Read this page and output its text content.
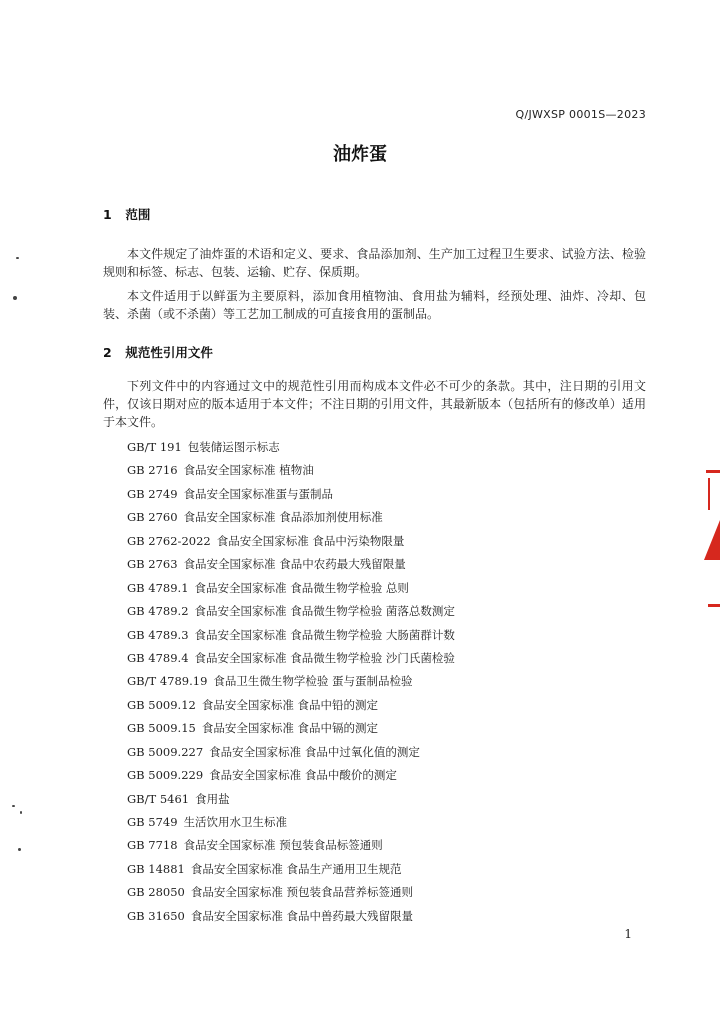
Q/JWXSP 0001S—2023
油炸蛋
1 范围

本文件规定了油炸蛋的术语和定义、要求、食品添加剂、生产加工过程卫生要求、试验方法、检验规则和标签、标志、包装、运输、贮存、保质期。

本文件适用于以鲜蛋为主要原料，添加食用植物油、食用盐为辅料，经预处理、油炸、冷却、包装、杀菌（或不杀菌）等工艺加工制成的可直接食用的蛋制品。

2 规范性引用文件

下列文件中的内容通过文中的规范性引用而构成本文件必不可少的条款。其中，注日期的引用文件，仅该日期对应的版本适用于本文件；不注日期的引用文件，其最新版本（包括所有的修改单）适用于本文件。

GB/T 191 包装储运图示标志
GB 2716 食品安全国家标准 植物油
GB 2749 食品安全国家标准蛋与蛋制品
GB 2760 食品安全国家标准 食品添加剂使用标准
GB 2762-2022 食品安全国家标准 食品中污染物限量
GB 2763 食品安全国家标准 食品中农药最大残留限量
GB 4789.1 食品安全国家标准 食品微生物学检验 总则
GB 4789.2 食品安全国家标准 食品微生物学检验 菌落总数测定
GB 4789.3 食品安全国家标准 食品微生物学检验 大肠菌群计数
GB 4789.4 食品安全国家标准 食品微生物学检验 沙门氏菌检验
GB/T 4789.19 食品卫生微生物学检验 蛋与蛋制品检验
GB 5009.12 食品安全国家标准 食品中铅的测定
GB 5009.15 食品安全国家标准 食品中镉的测定
GB 5009.227 食品安全国家标准 食品中过氧化值的测定
GB 5009.229 食品安全国家标准 食品中酸价的测定
GB/T 5461 食用盐
GB 5749 生活饮用水卫生标准
GB 7718 食品安全国家标准 预包装食品标签通则
GB 14881 食品安全国家标准 食品生产通用卫生规范
GB 28050 食品安全国家标准 预包装食品营养标签通则
GB 31650 食品安全国家标准 食品中兽药最大残留限量
1
